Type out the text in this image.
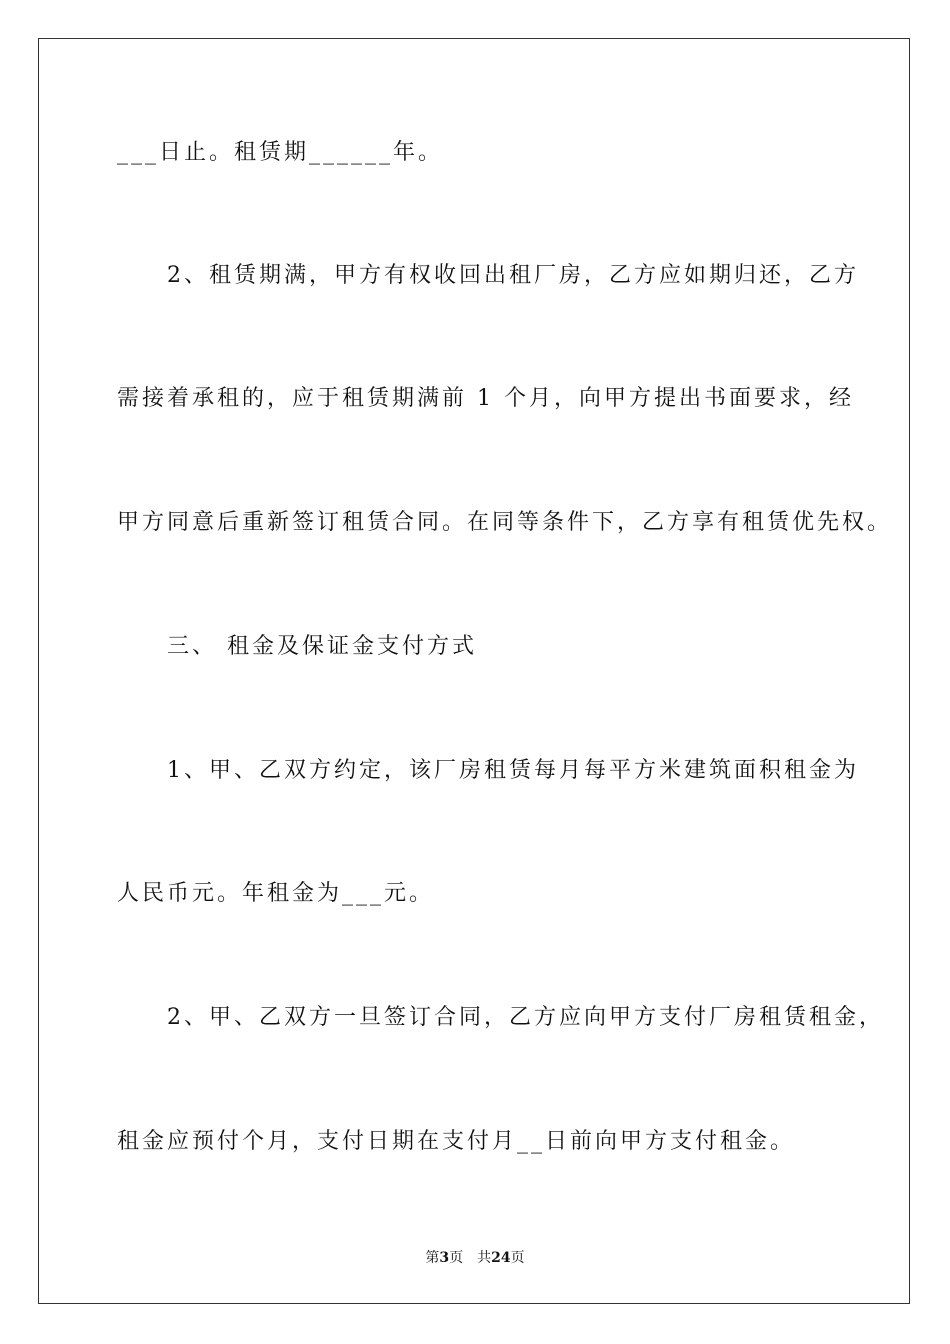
___日止。租赁期______年。
　　2、租赁期满，甲方有权收回出租厂房，乙方应如期归还，乙方
需接着承租的，应于租赁期满前 1 个月，向甲方提出书面要求，经
甲方同意后重新签订租赁合同。在同等条件下，乙方享有租赁优先权。
　　三、 租金及保证金支付方式
　　1、甲、乙双方约定，该厂房租赁每月每平方米建筑面积租金为
人民币元。年租金为___元。
　　2、甲、乙双方一旦签订合同，乙方应向甲方支付厂房租赁租金，
租金应预付个月，支付日期在支付月__日前向甲方支付租金。
第3页　共24页
